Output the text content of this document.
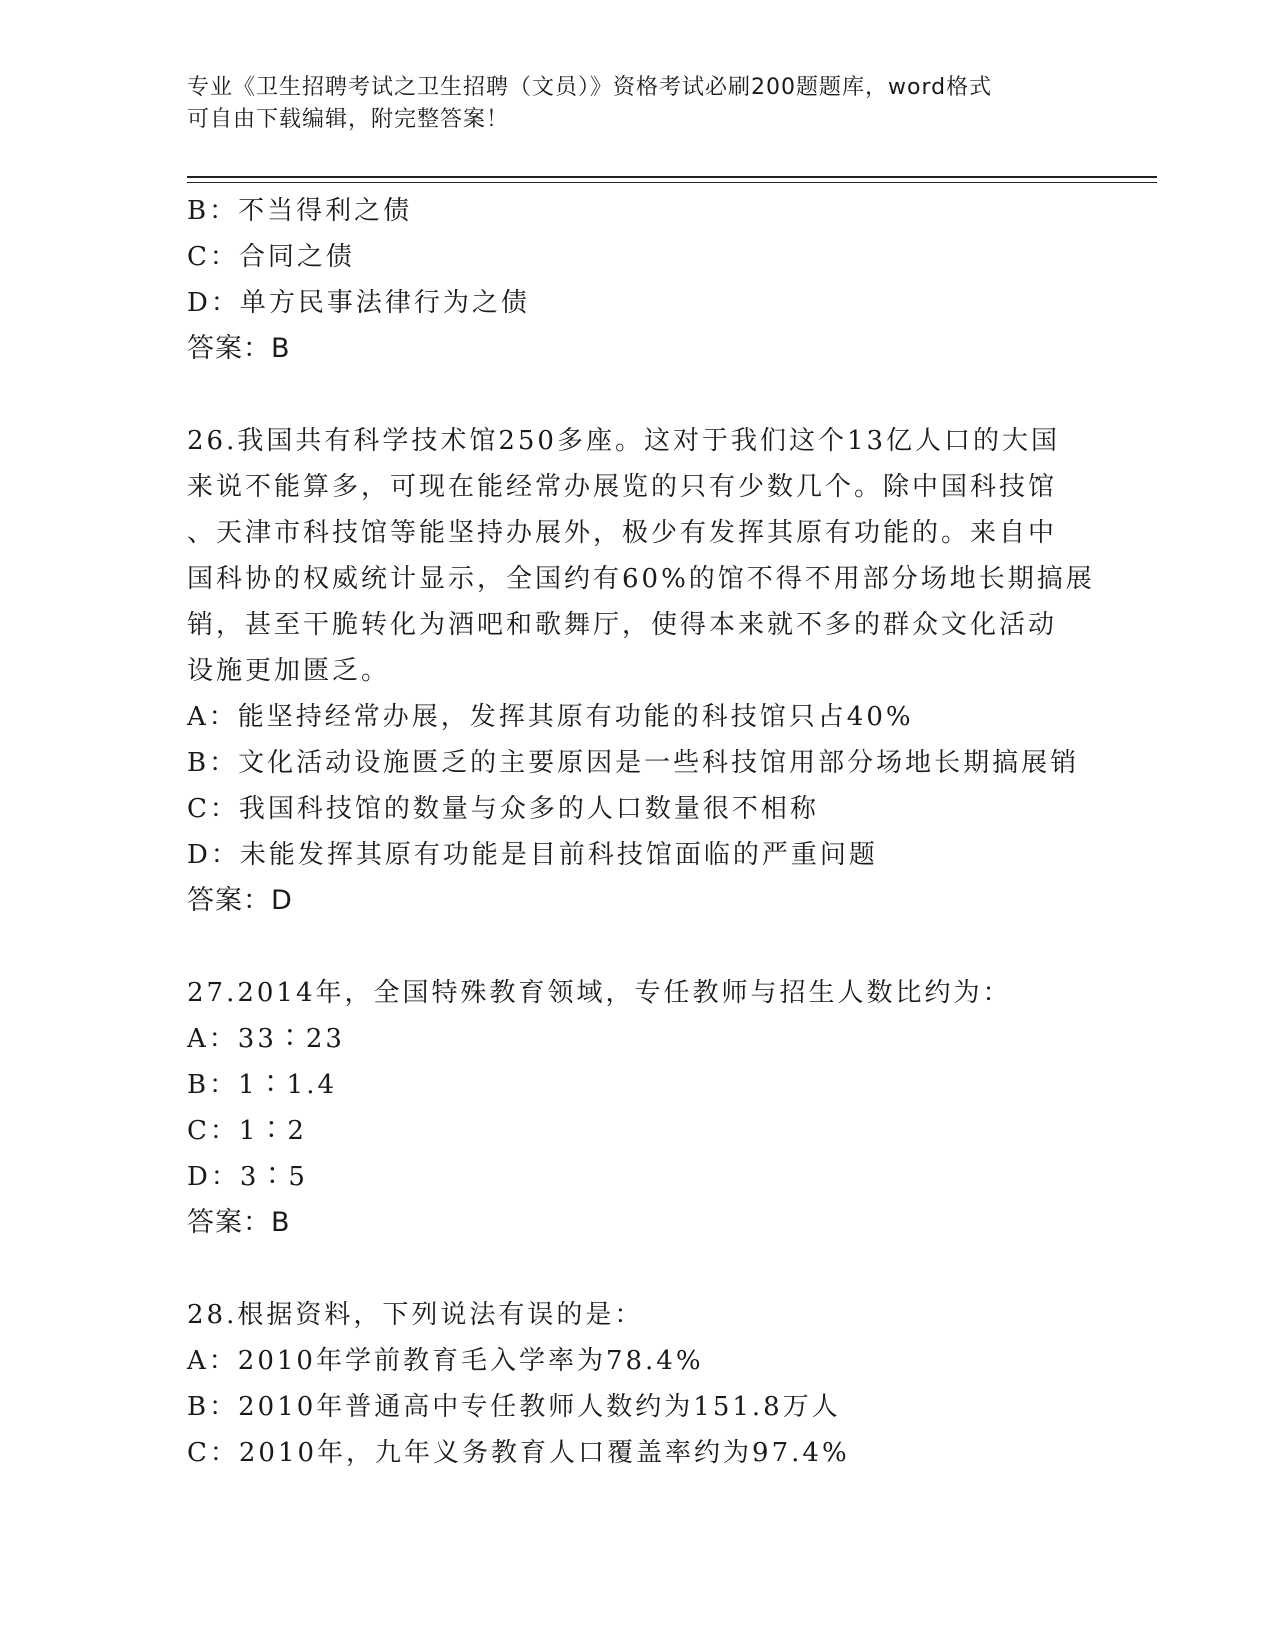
专业《卫生招聘考试之卫生招聘（文员）》资格考试必刷200题题库，word格式
可自由下载编辑，附完整答案！
B：不当得利之债
C：合同之债
D：单方民事法律行为之债
答案：B
26.我国共有科学技术馆250多座。这对于我们这个13亿人口的大国
来说不能算多，可现在能经常办展览的只有少数几个。除中国科技馆
、天津市科技馆等能坚持办展外，极少有发挥其原有功能的。来自中
国科协的权威统计显示，全国约有60%的馆不得不用部分场地长期搞展
销，甚至干脆转化为酒吧和歌舞厅，使得本来就不多的群众文化活动
设施更加匮乏。
A：能坚持经常办展，发挥其原有功能的科技馆只占40%
B：文化活动设施匮乏的主要原因是一些科技馆用部分场地长期搞展销
C：我国科技馆的数量与众多的人口数量很不相称
D：未能发挥其原有功能是目前科技馆面临的严重问题
答案：D
27.2014年，全国特殊教育领域，专任教师与招生人数比约为：
A：33∶23
B：1∶1.4
C：1∶2
D：3∶5
答案：B
28.根据资料，下列说法有误的是：
A：2010年学前教育毛入学率为78.4%
B：2010年普通高中专任教师人数约为151.8万人
C：2010年，九年义务教育人口覆盖率约为97.4%
